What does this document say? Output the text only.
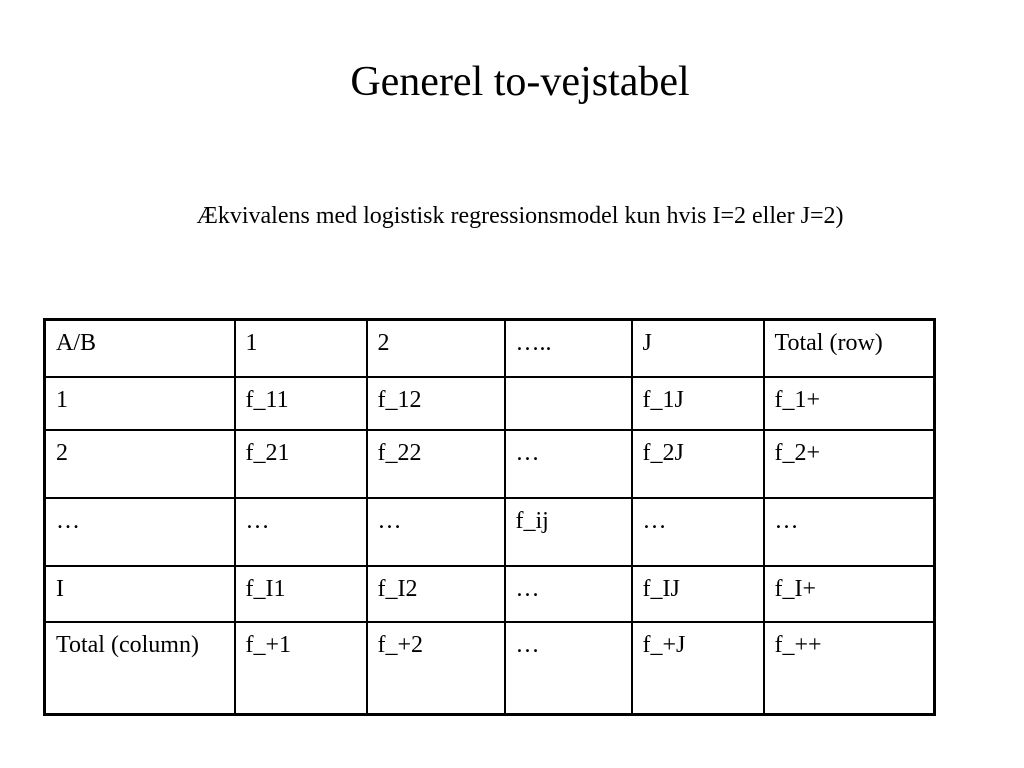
Generel to-vejstabel

Ækvivalens med logistisk regressionsmodel kun hvis I=2 eller J=2)

A/B	1	2	…..	J	Total (row)
1	f_11	f_12		f_1J	f_1+
2	f_21	f_22	…	f_2J	f_2+
…	…	…	f_ij	…	…
I	f_I1	f_I2	…	f_IJ	f_I+
Total (column)	f_+1	f_+2	…	f_+J	f_++
